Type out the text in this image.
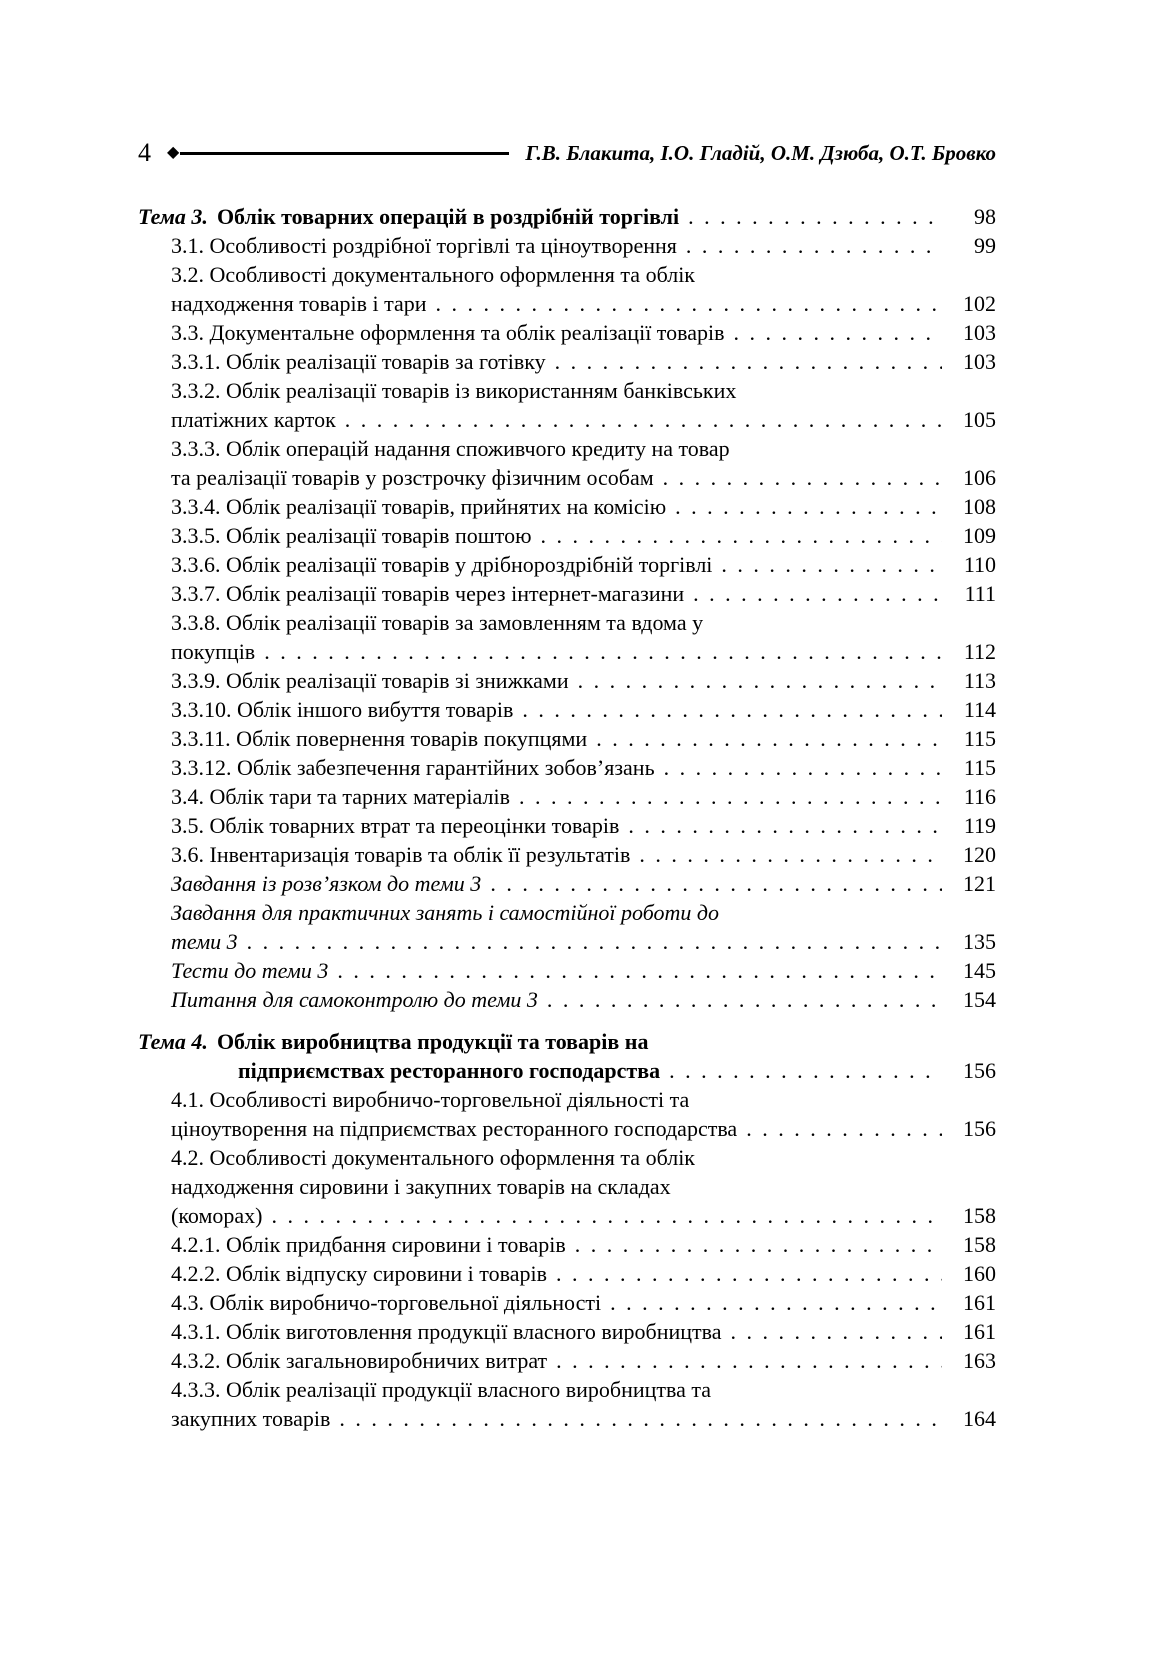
4 ◆	Г.В. Блакита, І.О. Гладій, О.М. Дзюба, О.Т. Бровко
Тема 3. Облік товарних операцій в роздрібній торгівлі . . .	98
3.1. Особливості роздрібної торгівлі та ціноутворення . . .	99
3.2. Особливості документального оформлення та облік
надходження товарів і тари . . .	102
3.3. Документальне оформлення та облік реалізації товарів . . .	103
3.3.1. Облік реалізації товарів за готівку . . .	103
3.3.2. Облік реалізації товарів із використанням банківських
платіжних карток . . .	105
3.3.3. Облік операцій надання споживчого кредиту на товар
та реалізації товарів у розстрочку фізичним особам . . .	106
3.3.4. Облік реалізації товарів, прийнятих на комісію . . .	108
3.3.5. Облік реалізації товарів поштою . . .	109
3.3.6. Облік реалізації товарів у дрібнороздрібній торгівлі . . .	110
3.3.7. Облік реалізації товарів через інтернет-магазини . . .	111
3.3.8. Облік реалізації товарів за замовленням та вдома у
покупців . . .	112
3.3.9. Облік реалізації товарів зі знижками . . .	113
3.3.10. Облік іншого вибуття товарів . . .	114
3.3.11. Облік повернення товарів покупцями . . .	115
3.3.12. Облік забезпечення гарантійних зобов’язань . . .	115
3.4. Облік тари та тарних матеріалів . . .	116
3.5. Облік товарних втрат та переоцінки товарів . . .	119
3.6. Інвентаризація товарів та облік її результатів . . .	120
Завдання із розв’язком до теми 3 . . .	121
Завдання для практичних занять і самостійної роботи до
теми 3 . . .	135
Тести до теми 3 . . .	145
Питання для самоконтролю до теми 3 . . .	154
Тема 4. Облік виробництва продукції та товарів на
підприємствах ресторанного господарства . . .	156
4.1. Особливості виробничо-торговельної діяльності та
ціноутворення на підприємствах ресторанного господарства . . .	156
4.2. Особливості документального оформлення та облік
надходження сировини і закупних товарів на складах
(коморах) . . .	158
4.2.1. Облік придбання сировини і товарів . . .	158
4.2.2. Облік відпуску сировини і товарів . . .	160
4.3. Облік виробничо-торговельної діяльності . . .	161
4.3.1. Облік виготовлення продукції власного виробництва . . .	161
4.3.2. Облік загальновиробничих витрат . . .	163
4.3.3. Облік реалізації продукції власного виробництва та
закупних товарів . . .	164
